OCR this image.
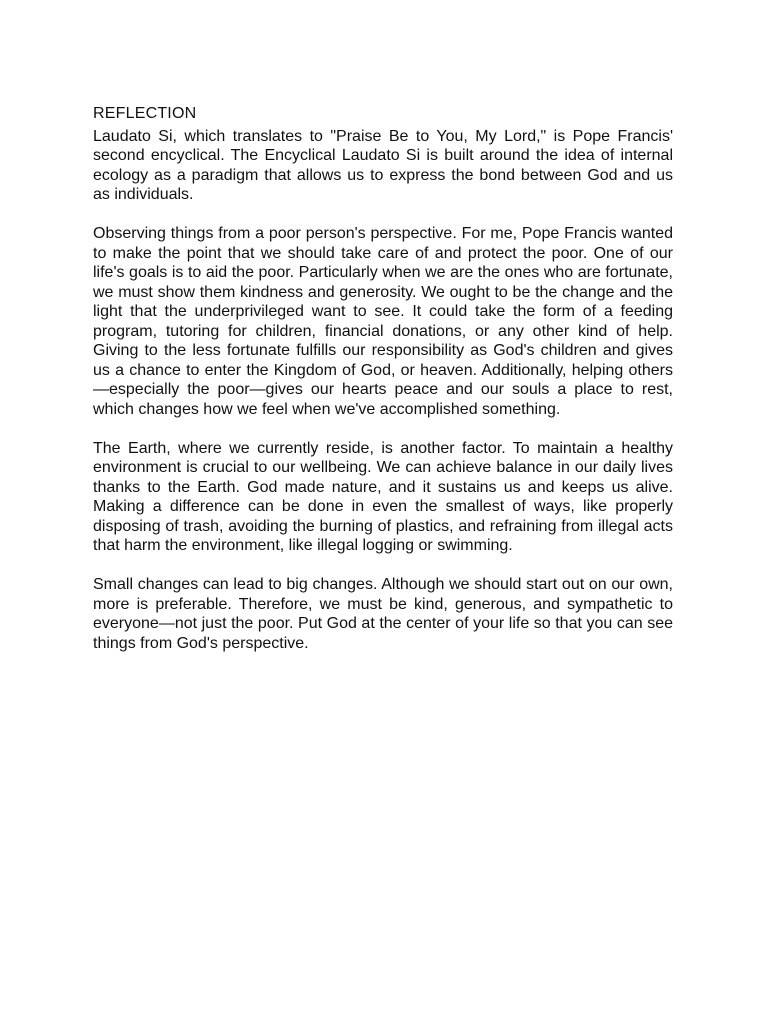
REFLECTION

Laudato Si, which translates to "Praise Be to You, My Lord," is Pope Francis' second encyclical. The Encyclical Laudato Si is built around the idea of internal ecology as a paradigm that allows us to express the bond between God and us as individuals.

Observing things from a poor person's perspective. For me, Pope Francis wanted to make the point that we should take care of and protect the poor. One of our life's goals is to aid the poor. Particularly when we are the ones who are fortunate, we must show them kindness and generosity. We ought to be the change and the light that the underprivileged want to see. It could take the form of a feeding program, tutoring for children, financial donations, or any other kind of help. Giving to the less fortunate fulfills our responsibility as God's children and gives us a chance to enter the Kingdom of God, or heaven. Additionally, helping others—especially the poor—gives our hearts peace and our souls a place to rest, which changes how we feel when we've accomplished something.

The Earth, where we currently reside, is another factor. To maintain a healthy environment is crucial to our wellbeing. We can achieve balance in our daily lives thanks to the Earth. God made nature, and it sustains us and keeps us alive. Making a difference can be done in even the smallest of ways, like properly disposing of trash, avoiding the burning of plastics, and refraining from illegal acts that harm the environment, like illegal logging or swimming.

Small changes can lead to big changes. Although we should start out on our own, more is preferable. Therefore, we must be kind, generous, and sympathetic to everyone—not just the poor. Put God at the center of your life so that you can see things from God's perspective.
